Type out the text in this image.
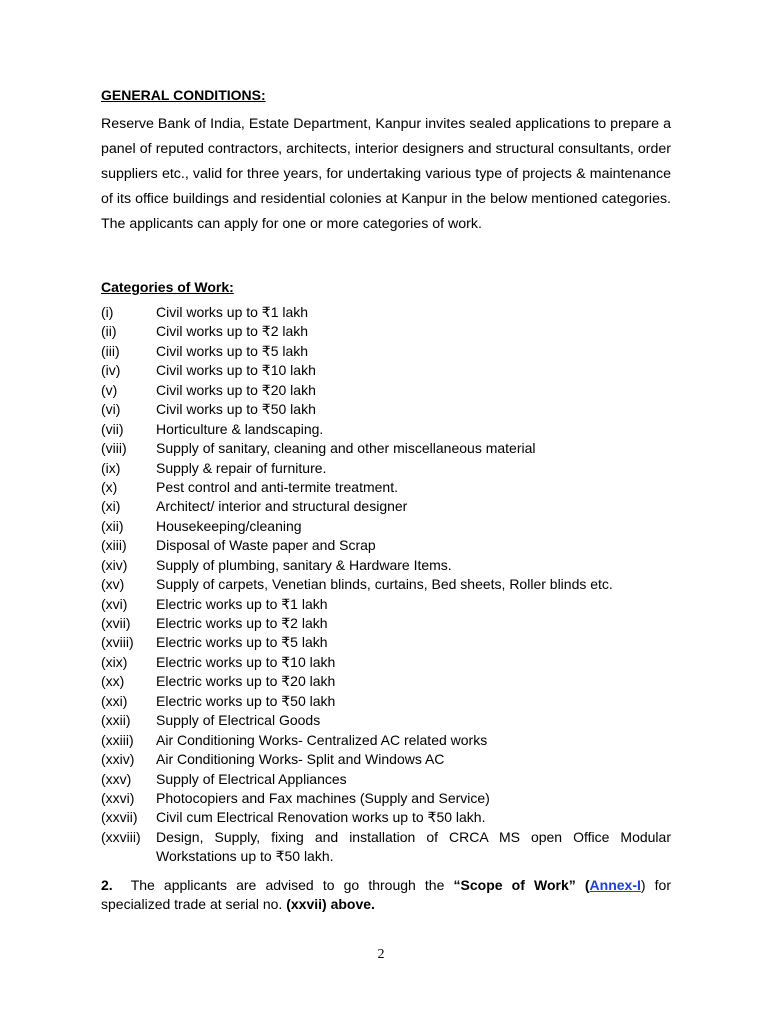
GENERAL CONDITIONS:

Reserve Bank of India, Estate Department, Kanpur invites sealed applications to prepare a panel of reputed contractors, architects, interior designers and structural consultants, order suppliers etc., valid for three years, for undertaking various type of projects & maintenance of its office buildings and residential colonies at Kanpur in the below mentioned categories. The applicants can apply for one or more categories of work.

Categories of Work:
(i)	Civil works up to ₹1 lakh
(ii)	Civil works up to ₹2 lakh
(iii)	Civil works up to ₹5 lakh
(iv)	Civil works up to ₹10 lakh
(v)	Civil works up to ₹20 lakh
(vi)	Civil works up to ₹50 lakh
(vii) Horticulture & landscaping.
(viii) Supply of sanitary, cleaning and other miscellaneous material
(ix)	Supply & repair of furniture.
(x)	Pest control and anti-termite treatment.
(xi)	Architect/ interior and structural designer
(xii) Housekeeping/cleaning
(xiii) Disposal of Waste paper and Scrap
(xiv) Supply of plumbing, sanitary & Hardware Items.
(xv) Supply of carpets, Venetian blinds, curtains, Bed sheets, Roller blinds etc.
(xvi) Electric works up to ₹1 lakh
(xvii) Electric works up to ₹2 lakh
(xviii) Electric works up to ₹5 lakh
(xix) Electric works up to ₹10 lakh
(xx) Electric works up to ₹20 lakh
(xxi) Electric works up to ₹50 lakh
(xxii) Supply of Electrical Goods
(xxiii) Air Conditioning Works- Centralized AC related works
(xxiv) Air Conditioning Works- Split and Windows AC
(xxv) Supply of Electrical Appliances
(xxvi) Photocopiers and Fax machines (Supply and Service)
(xxvii) Civil cum Electrical Renovation works up to ₹50 lakh.
(xxviii) Design, Supply, fixing and installation of CRCA MS open Office Modular Workstations up to ₹50 lakh.

2. The applicants are advised to go through the “Scope of Work” (Annex-I) for specialized trade at serial no. (xxvii) above.

2
